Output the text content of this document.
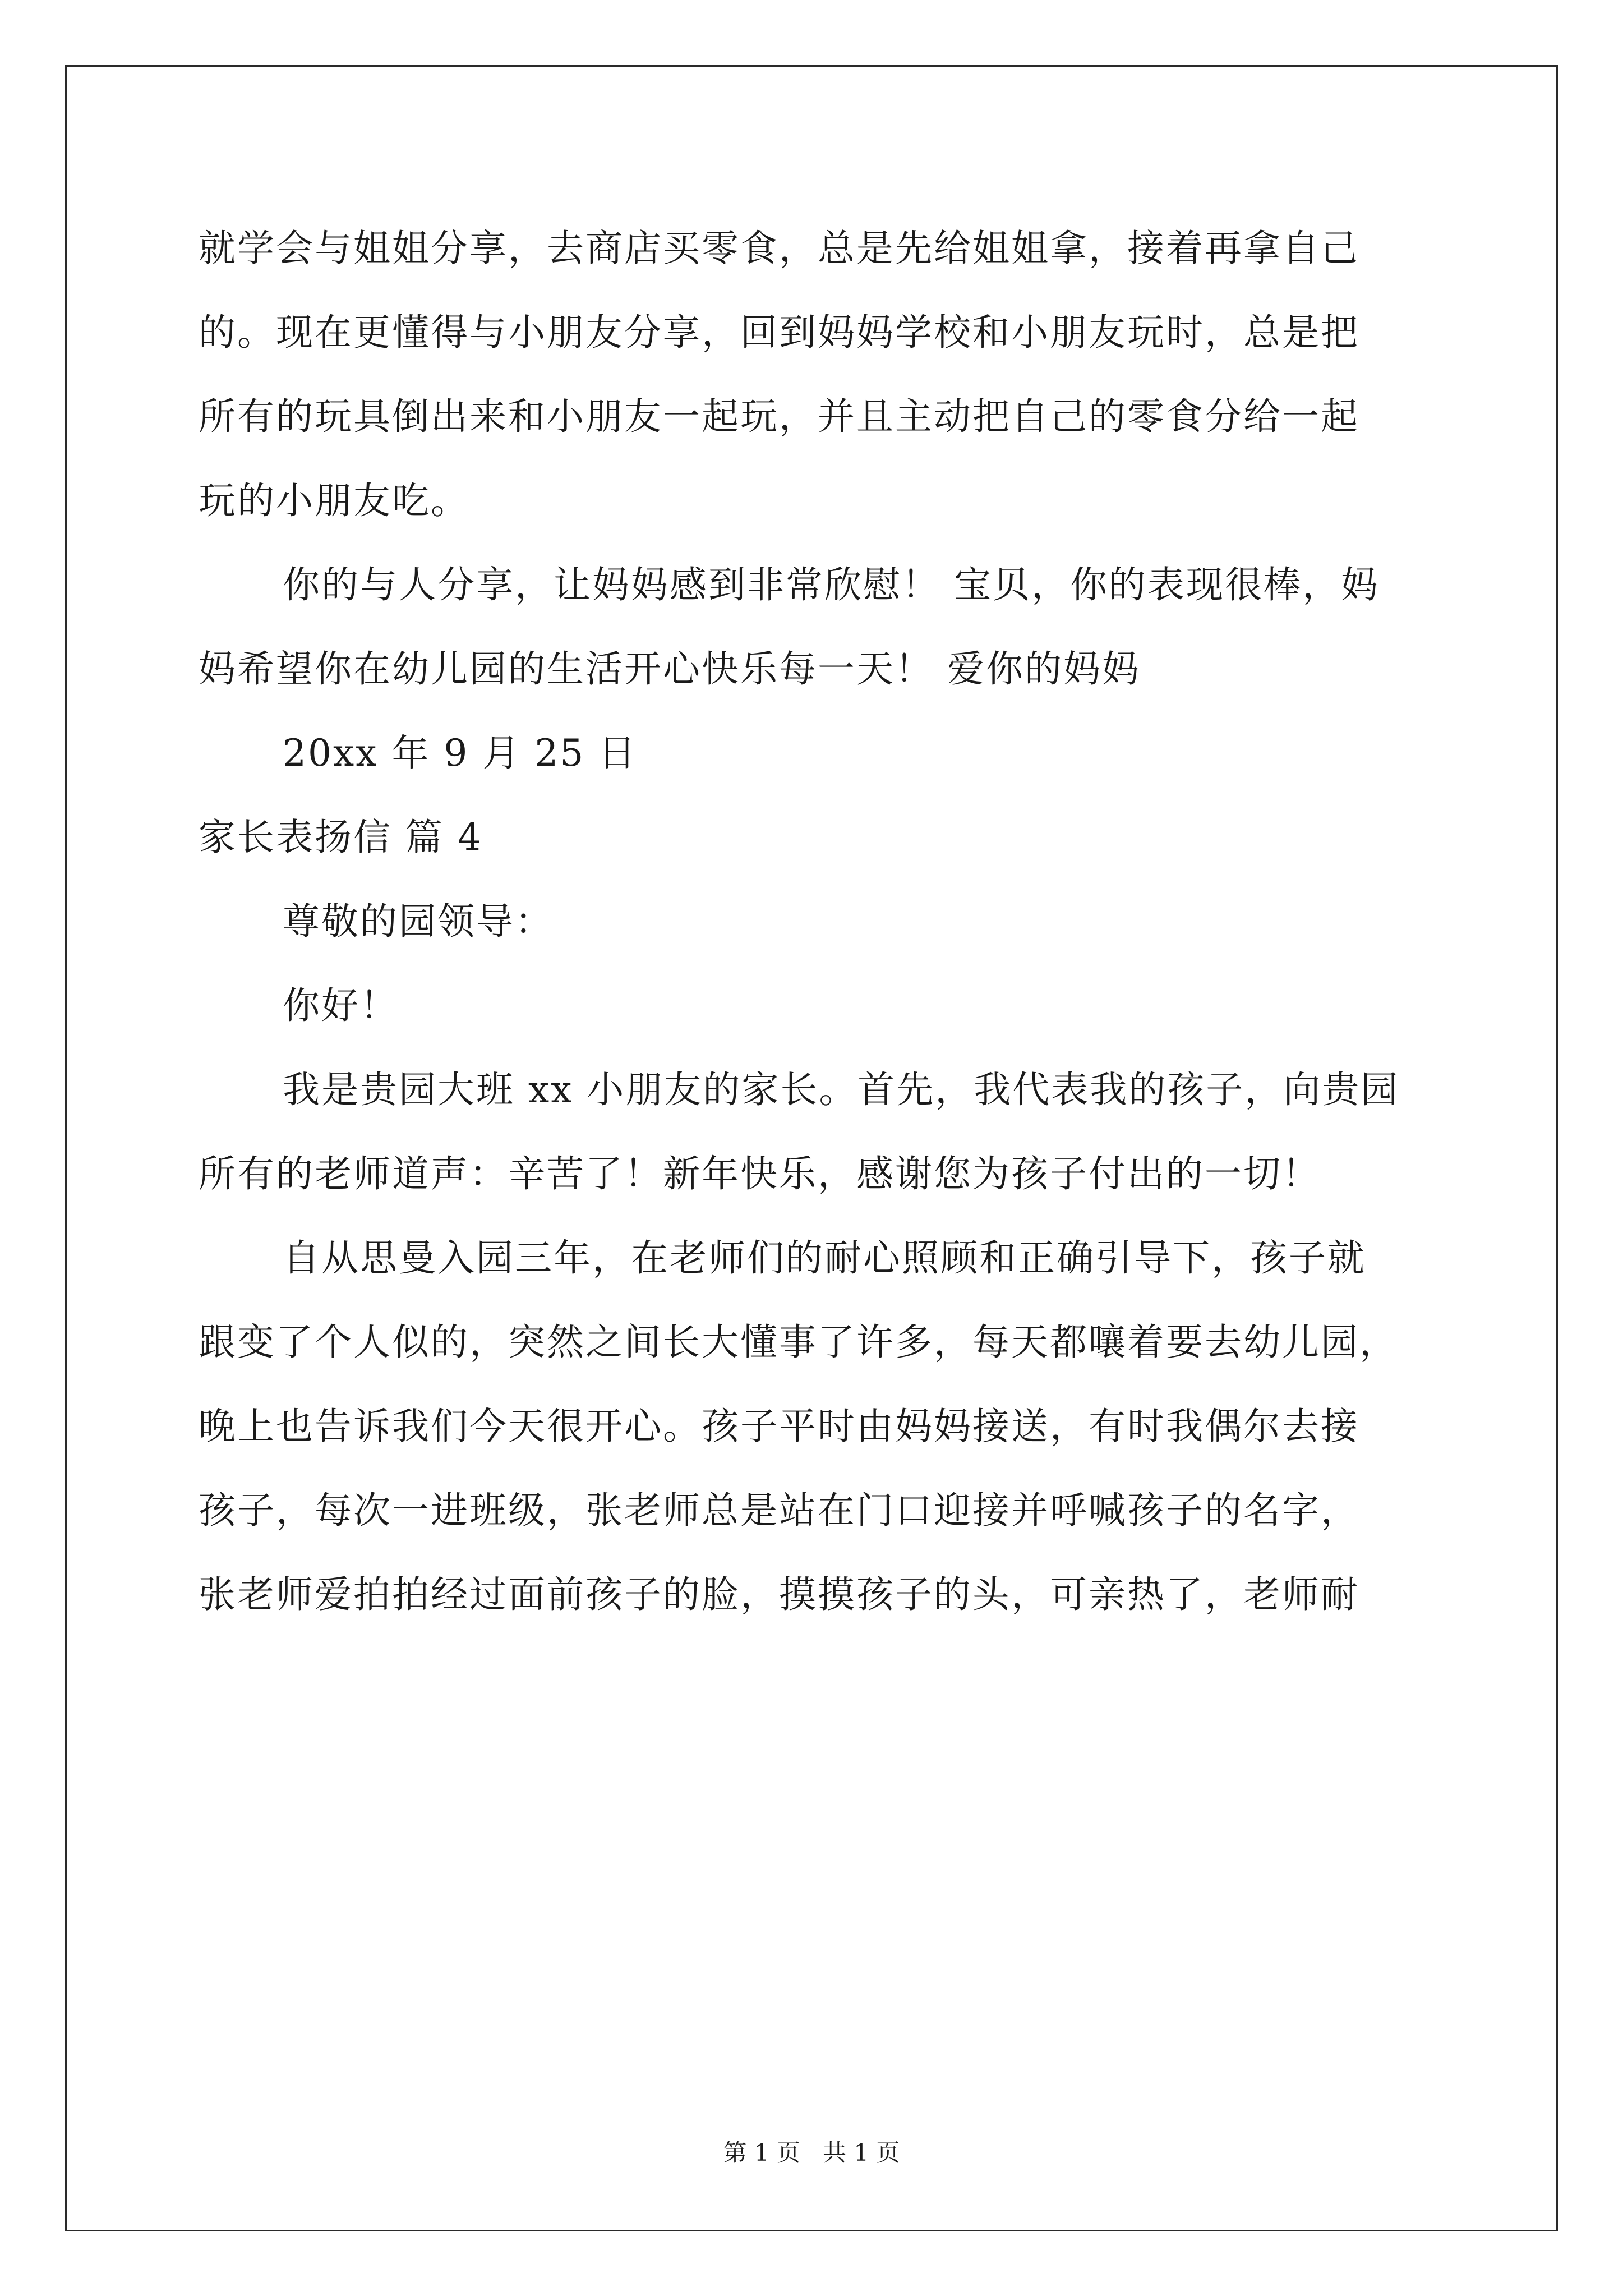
就学会与姐姐分享，去商店买零食，总是先给姐姐拿，接着再拿自己
的。现在更懂得与小朋友分享，回到妈妈学校和小朋友玩时，总是把
所有的玩具倒出来和小朋友一起玩，并且主动把自己的零食分给一起
玩的小朋友吃。
你的与人分享，让妈妈感到非常欣慰！ 宝贝，你的表现很棒，妈
妈希望你在幼儿园的生活开心快乐每一天！ 爱你的妈妈
20xx 年 9 月 25 日
家长表扬信 篇 4
尊敬的园领导：
你好！
我是贵园大班 xx 小朋友的家长。首先，我代表我的孩子，向贵园
所有的老师道声：辛苦了！新年快乐，感谢您为孩子付出的一切！
自从思曼入园三年，在老师们的耐心照顾和正确引导下，孩子就
跟变了个人似的，突然之间长大懂事了许多，每天都嚷着要去幼儿园，
晚上也告诉我们今天很开心。孩子平时由妈妈接送，有时我偶尔去接
孩子，每次一进班级，张老师总是站在门口迎接并呼喊孩子的名字，
张老师爱拍拍经过面前孩子的脸，摸摸孩子的头，可亲热了，老师耐
第 1 页   共 1 页
